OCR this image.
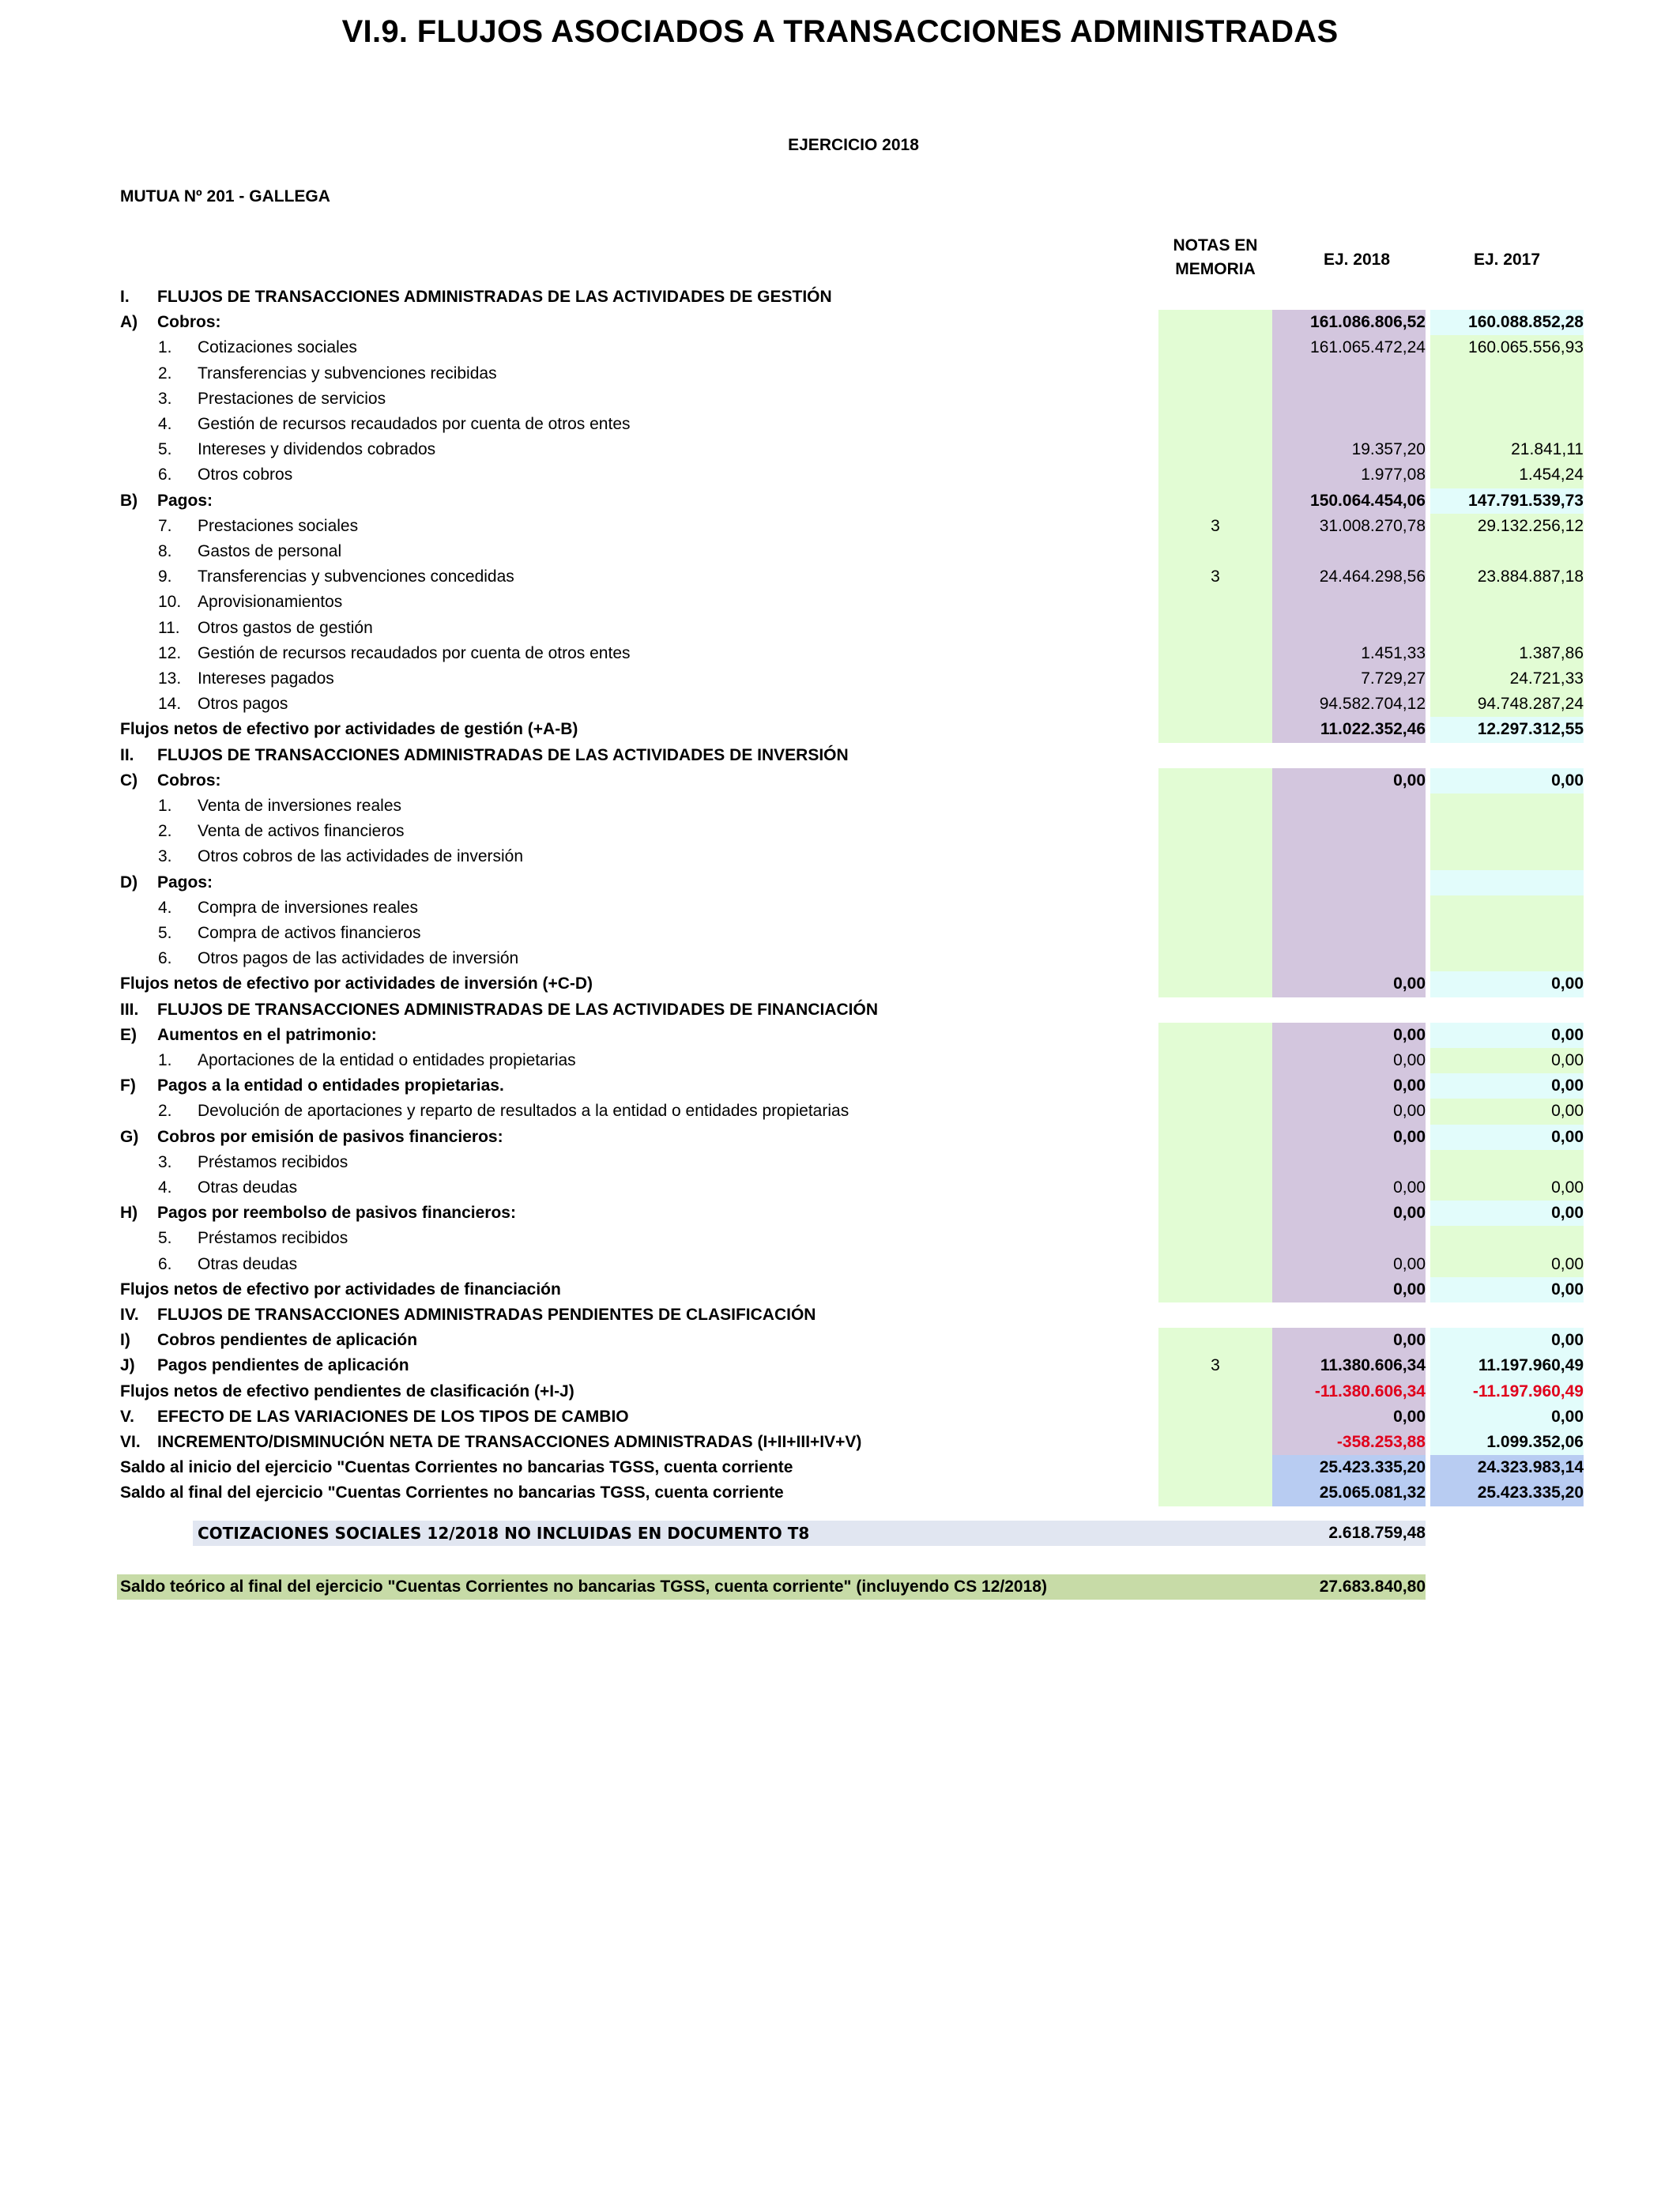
VI.9. FLUJOS ASOCIADOS A TRANSACCIONES ADMINISTRADAS
EJERCICIO 2018
MUTUA Nº 201 - GALLEGA
NOTAS EN
MEMORIA
EJ. 2018	EJ. 2017
I. FLUJOS DE TRANSACCIONES ADMINISTRADAS DE LAS ACTIVIDADES DE GESTIÓN
A) Cobros:	161.086.806,52	160.088.852,28
1. Cotizaciones sociales	161.065.472,24	160.065.556,93
2. Transferencias y subvenciones recibidas
3. Prestaciones de servicios
4. Gestión de recursos recaudados por cuenta de otros entes
5. Intereses y dividendos cobrados	19.357,20	21.841,11
6. Otros cobros	1.977,08	1.454,24
B) Pagos:	150.064.454,06	147.791.539,73
7. Prestaciones sociales	3	31.008.270,78	29.132.256,12
8. Gastos de personal
9. Transferencias y subvenciones concedidas	3	24.464.298,56	23.884.887,18
10. Aprovisionamientos
11. Otros gastos de gestión
12. Gestión de recursos recaudados por cuenta de otros entes	1.451,33	1.387,86
13. Intereses pagados	7.729,27	24.721,33
14. Otros pagos	94.582.704,12	94.748.287,24
Flujos netos de efectivo por actividades de gestión (+A-B)	11.022.352,46	12.297.312,55
II. FLUJOS DE TRANSACCIONES ADMINISTRADAS DE LAS ACTIVIDADES DE INVERSIÓN
C) Cobros:	0,00	0,00
1. Venta de inversiones reales
2. Venta de activos financieros
3. Otros cobros de las actividades de inversión
D) Pagos:
4. Compra de inversiones reales
5. Compra de activos financieros
6. Otros pagos de las actividades de inversión
Flujos netos de efectivo por actividades de inversión (+C-D)	0,00	0,00
III. FLUJOS DE TRANSACCIONES ADMINISTRADAS DE LAS ACTIVIDADES DE FINANCIACIÓN
E) Aumentos en el patrimonio:	0,00	0,00
1. Aportaciones de la entidad o entidades propietarias	0,00	0,00
F) Pagos a la entidad o entidades propietarias.	0,00	0,00
2. Devolución de aportaciones y reparto de resultados a la entidad o entidades propietarias	0,00	0,00
G) Cobros por emisión de pasivos financieros:	0,00	0,00
3. Préstamos recibidos
4. Otras deudas	0,00	0,00
H) Pagos por reembolso de pasivos financieros:	0,00	0,00
5. Préstamos recibidos
6. Otras deudas	0,00	0,00
Flujos netos de efectivo por actividades de financiación	0,00	0,00
IV. FLUJOS DE TRANSACCIONES ADMINISTRADAS PENDIENTES DE CLASIFICACIÓN
I) Cobros pendientes de aplicación	0,00	0,00
J) Pagos pendientes de aplicación	3	11.380.606,34	11.197.960,49
Flujos netos de efectivo pendientes de clasificación (+I-J)	-11.380.606,34	-11.197.960,49
V. EFECTO DE LAS VARIACIONES DE LOS TIPOS DE CAMBIO	0,00	0,00
VI. INCREMENTO/DISMINUCIÓN NETA DE TRANSACCIONES ADMINISTRADAS (I+II+III+IV+V)	-358.253,88	1.099.352,06
Saldo al inicio del ejercicio "Cuentas Corrientes no bancarias TGSS, cuenta corriente	25.423.335,20	24.323.983,14
Saldo al final del ejercicio "Cuentas Corrientes no bancarias TGSS, cuenta corriente	25.065.081,32	25.423.335,20
COTIZACIONES SOCIALES 12/2018 NO INCLUIDAS EN DOCUMENTO T8	2.618.759,48
Saldo teórico al final del ejercicio "Cuentas Corrientes no bancarias TGSS, cuenta corriente" (incluyendo CS 12/2018)	27.683.840,80
